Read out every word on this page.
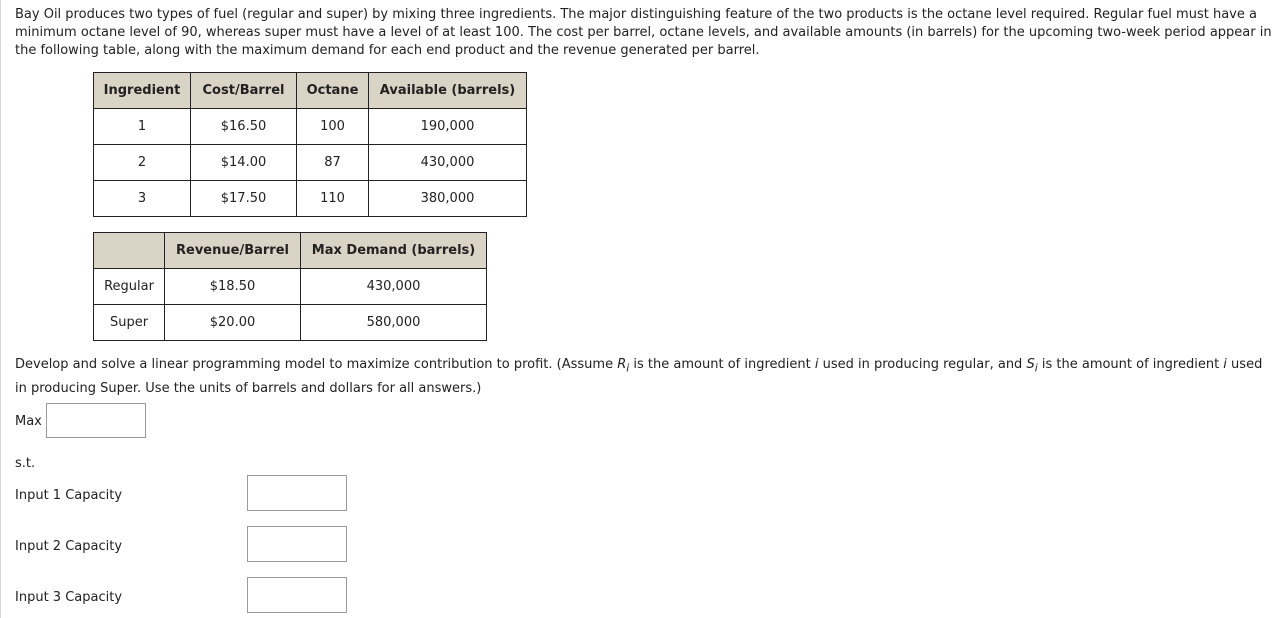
Bay Oil produces two types of fuel (regular and super) by mixing three ingredients. The major distinguishing feature of the two products is the octane level required. Regular fuel must have a minimum octane level of 90, whereas super must have a level of at least 100. The cost per barrel, octane levels, and available amounts (in barrels) for the upcoming two-week period appear in the following table, along with the maximum demand for each end product and the revenue generated per barrel.

Ingredient	Cost/Barrel	Octane	Available (barrels)
1	$16.50	100	190,000
2	$14.00	87	430,000
3	$17.50	110	380,000
	Revenue/Barrel	Max Demand (barrels)
Regular	$18.50	430,000
Super	$20.00	580,000

Develop and solve a linear programming model to maximize contribution to profit. (Assume $R_i$ is the amount of ingredient i used in producing regular, and $S_i$ is the amount of ingredient i used in producing Super. Use the units of barrels and dollars for all answers.)

Max
s.t.
Input 1 Capacity
Input 2 Capacity
Input 3 Capacity
